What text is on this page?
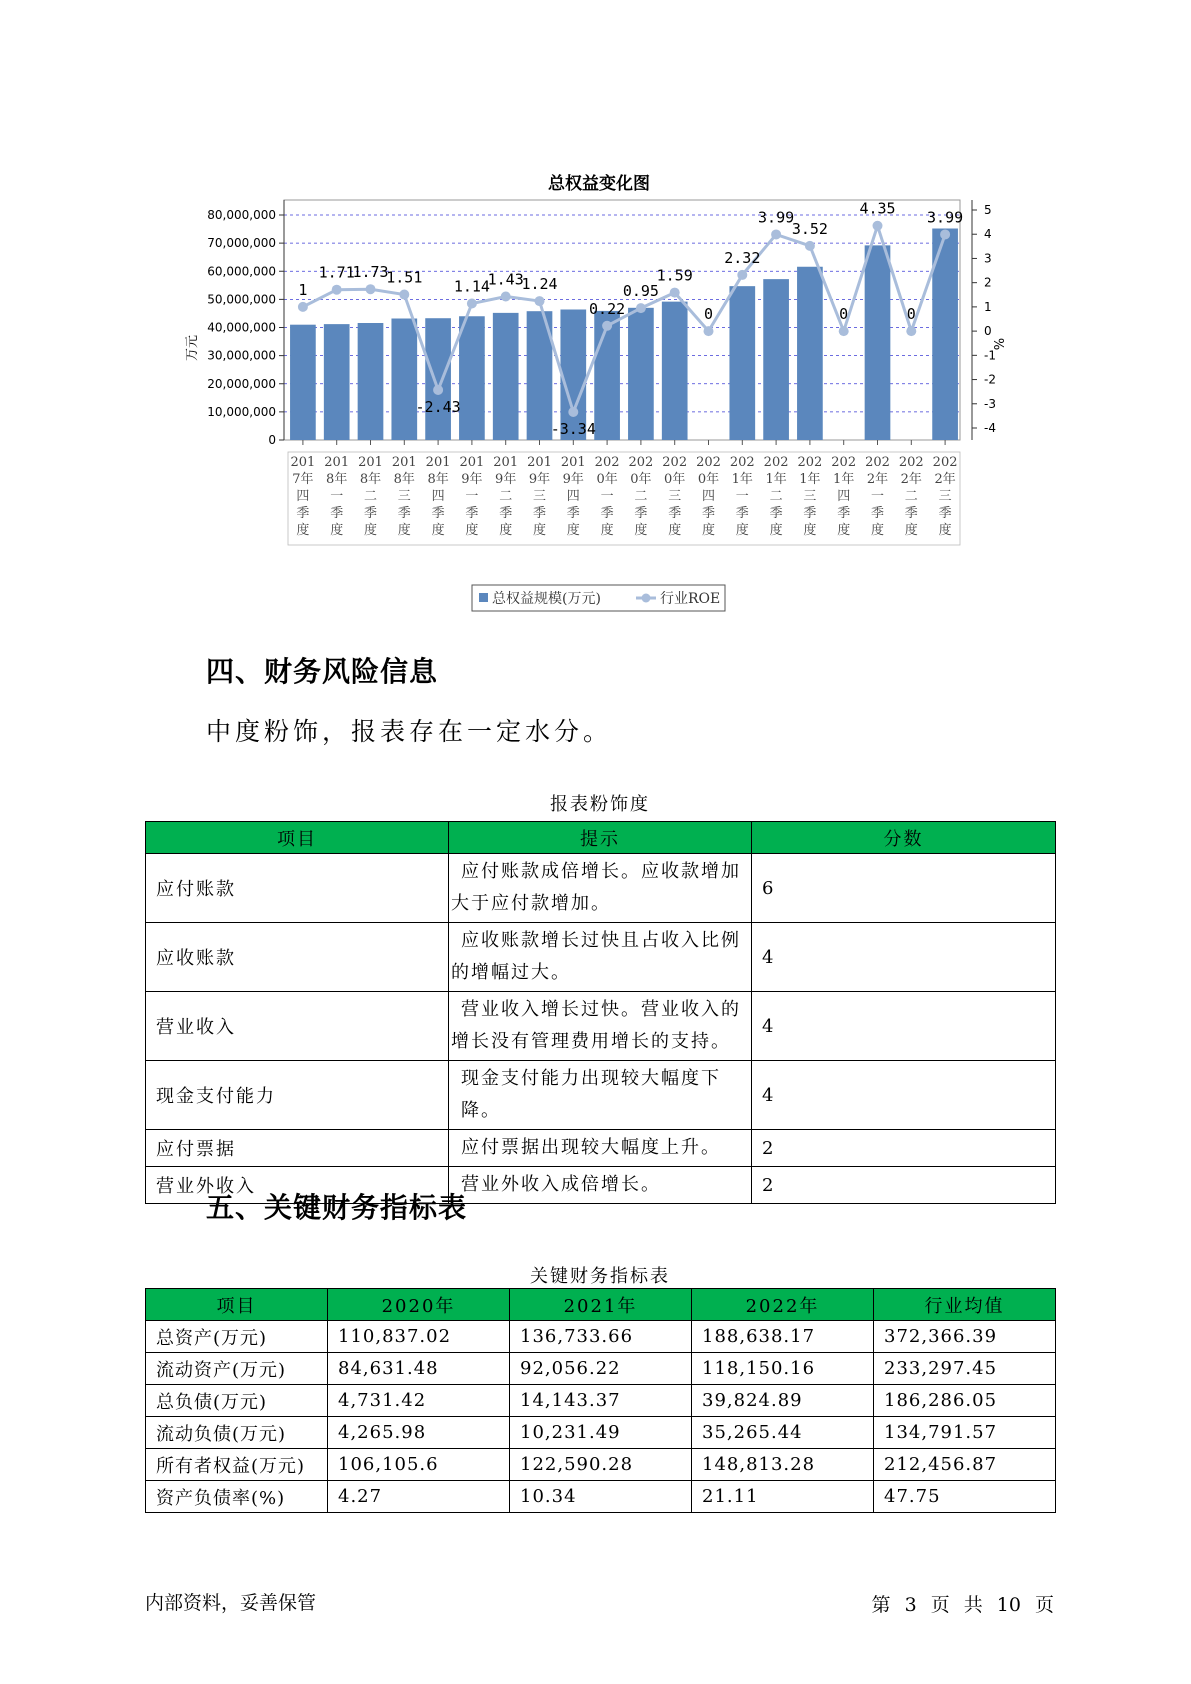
总权益变化图
0
10,000,000
20,000,000
30,000,000
40,000,000
50,000,000
60,000,000
70,000,000
80,000,000
-4
-3
-2
-1
0
1
2
3
4
5
1
1.71
1.73
1.51
-2.43
1.14
1.43
1.24
-3.34
0.22
0.95
1.59
0
2.32
3.99
3.52
0
4.35
0
3.99
201
7年
四
季
度
201
8年
一
季
度
201
8年
二
季
度
201
8年
三
季
度
201
8年
四
季
度
201
9年
一
季
度
201
9年
二
季
度
201
9年
三
季
度
201
9年
四
季
度
202
0年
一
季
度
202
0年
二
季
度
202
0年
三
季
度
202
0年
四
季
度
202
1年
一
季
度
202
1年
二
季
度
202
1年
三
季
度
202
1年
四
季
度
202
2年
一
季
度
202
2年
二
季
度
202
2年
三
季
度
万元	%
总权益规模(万元)	行业ROE
四、财务风险信息

中度粉饰，报表存在一定水分。

报表粉饰度

项目	提示	分数
应付账款	应付账款成倍增长。应收款增加
大于应付款增加。	6
应收账款	应收账款增长过快且占收入比例
的增幅过大。	4
营业收入	营业收入增长过快。营业收入的
增长没有管理费用增长的支持。	4
现金支付能力	现金支付能力出现较大幅度下降。	4
应付票据	应付票据出现较大幅度上升。	2
营业外收入	营业外收入成倍增长。	2
五、关键财务指标表

关键财务指标表

项目	2020年	2021年	2022年	行业均值
总资产(万元)	110,837.02	136,733.66	188,638.17	372,366.39
流动资产(万元)	84,631.48	92,056.22	118,150.16	233,297.45
总负债(万元)	4,731.42	14,143.37	39,824.89	186,286.05
流动负债(万元)	4,265.98	10,231.49	35,265.44	134,791.57
所有者权益(万元)	106,105.6	122,590.28	148,813.28	212,456.87
资产负债率(%)	4.27	10.34	21.11	47.75
内部资料，妥善保管	第 3 页 共 10 页
